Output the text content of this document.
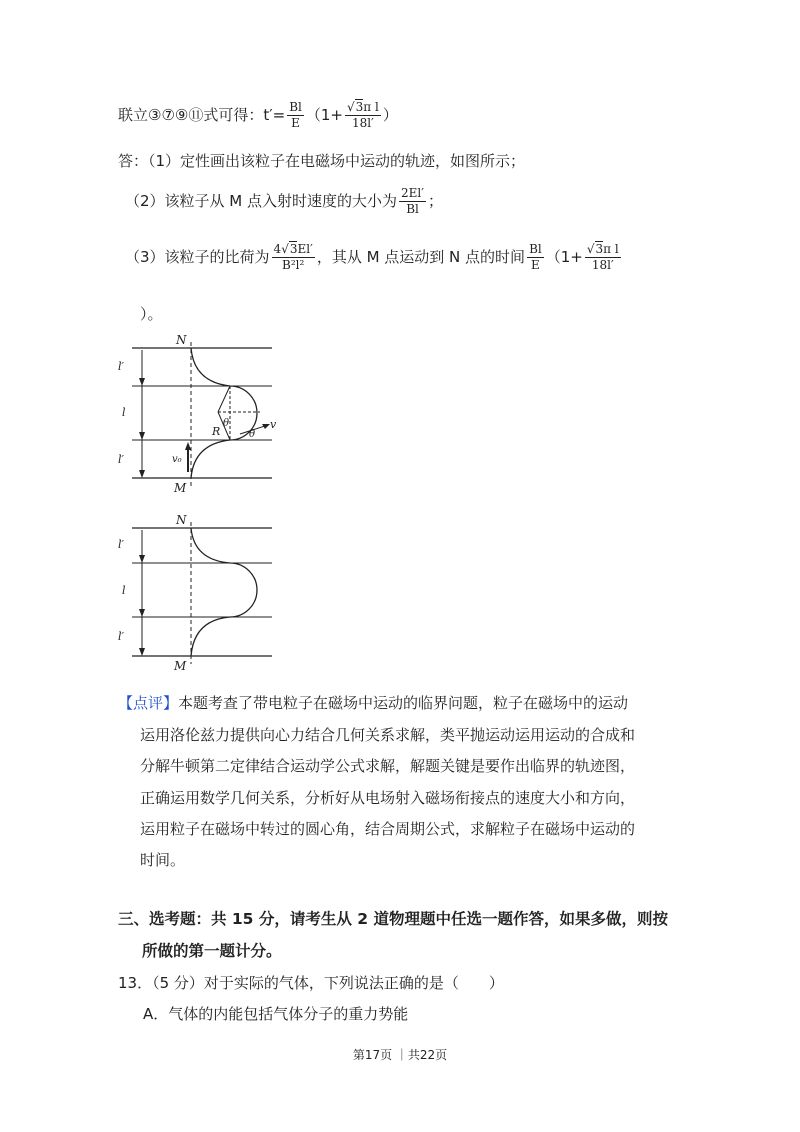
联立③⑦⑨⑪式可得：$t'= \frac{Bl}{E} (1+ \frac{\text{√3π l}}{18l'}$ ）
答：（1）定性画出该粒子在电磁场中运动的轨迹，如图所示；
（2）该粒子从 M 点入射时速度的大小为 $\frac{2El'}{Bl}$ ；
（3）该粒子的比荷为 $\frac{4√3El'}{\text{B²l²}}$ ，其从 M 点运动到 N 点的时间 $\frac{Bl}{E} (1+ \frac{\text{√3π l}}{18l'}$
）。
N
M
l′
l
l′	v₀
R
θ
θ
v
N
M
l′
l
l′
【点评】本题考查了带电粒子在磁场中运动的临界问题，粒子在磁场中的运动
运用洛伦兹力提供向心力结合几何关系求解，类平抛运动运用运动的合成和
分解牛顿第二定律结合运动学公式求解，解题关键是要作出临界的轨迹图，
正确运用数学几何关系，分析好从电场射入磁场衔接点的速度大小和方向，
运用粒子在磁场中转过的圆心角，结合周期公式，求解粒子在磁场中运动的
时间。
三、选考题：共 15 分，请考生从 2 道物理题中任选一题作答，如果多做，则按
所做的第一题计分。
13．（5 分）对于实际的气体，下列说法正确的是（　　）
A．气体的内能包括气体分子的重力势能
第17页 ｜共22页
